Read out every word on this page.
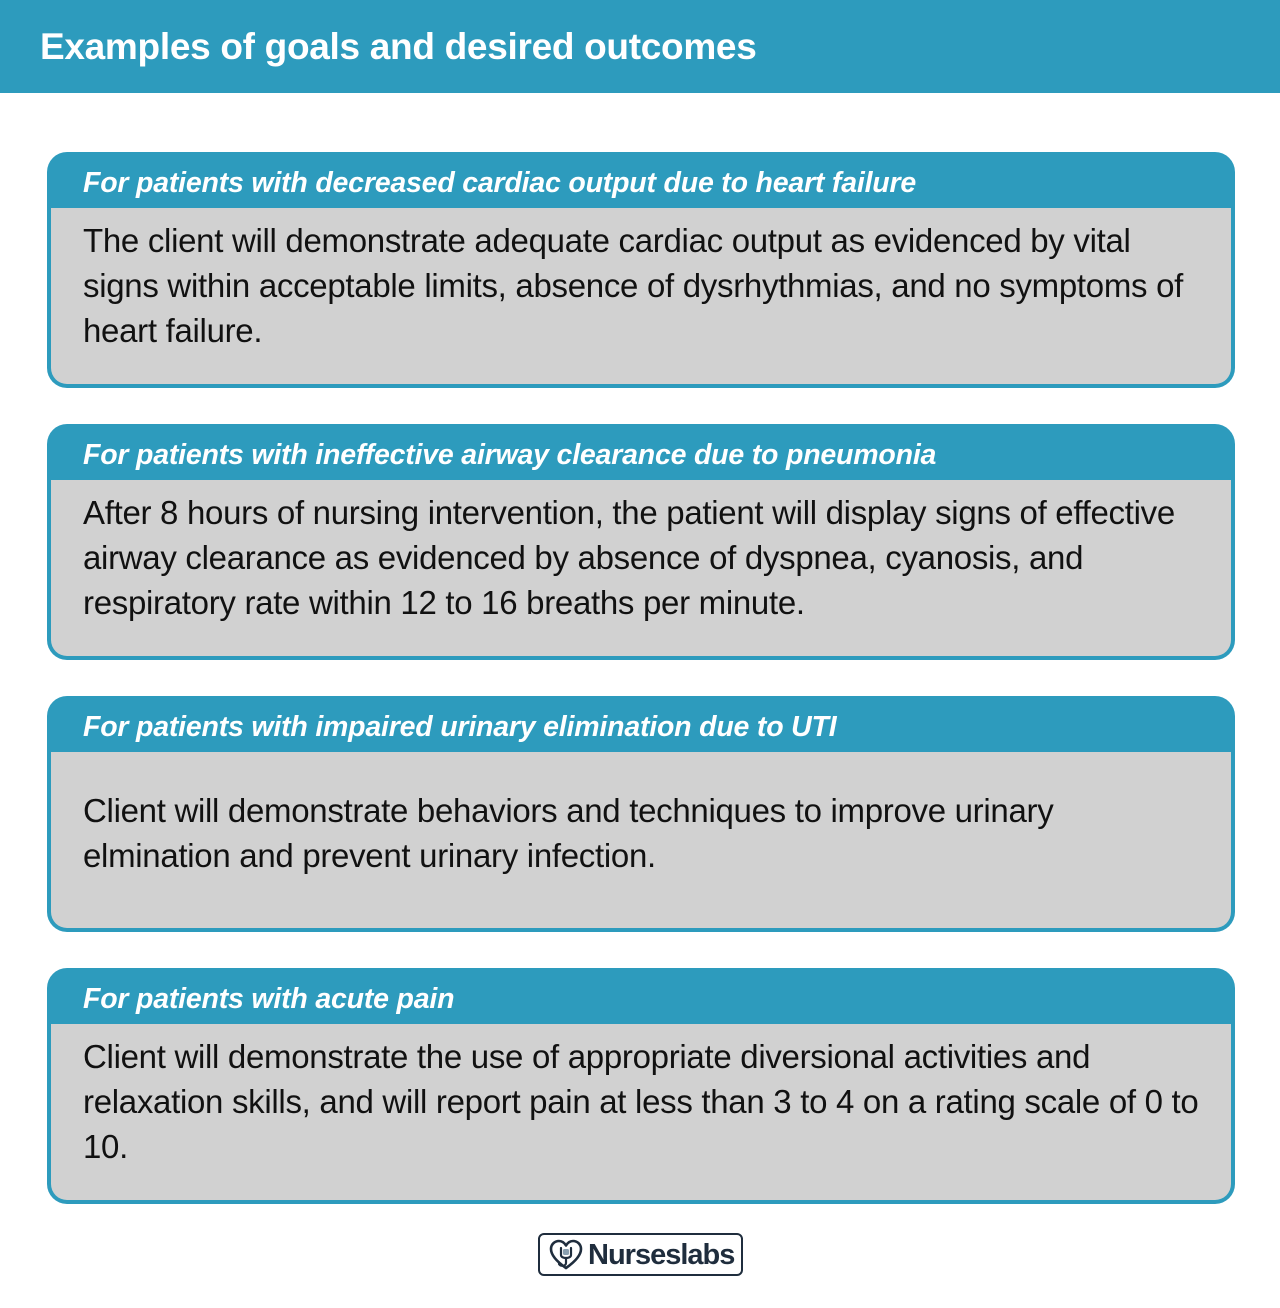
Examples of goals and desired outcomes
For patients with decreased cardiac output due to heart failure
The client will demonstrate adequate cardiac output as evidenced by vital signs within acceptable limits, absence of dysrhythmias, and no symptoms of heart failure.
For patients with ineffective airway clearance due to pneumonia
After 8 hours of nursing intervention, the patient will display signs of effective airway clearance as evidenced by absence of dyspnea, cyanosis, and respiratory rate within 12 to 16 breaths per minute.
For patients with impaired urinary elimination due to UTI
Client will demonstrate behaviors and techniques to improve urinary elmination and prevent urinary infection.
For patients with acute pain
Client will demonstrate the use of appropriate diversional activities and relaxation skills, and will report pain at less than 3 to 4 on a rating scale of 0 to 10.
Nurseslabs
